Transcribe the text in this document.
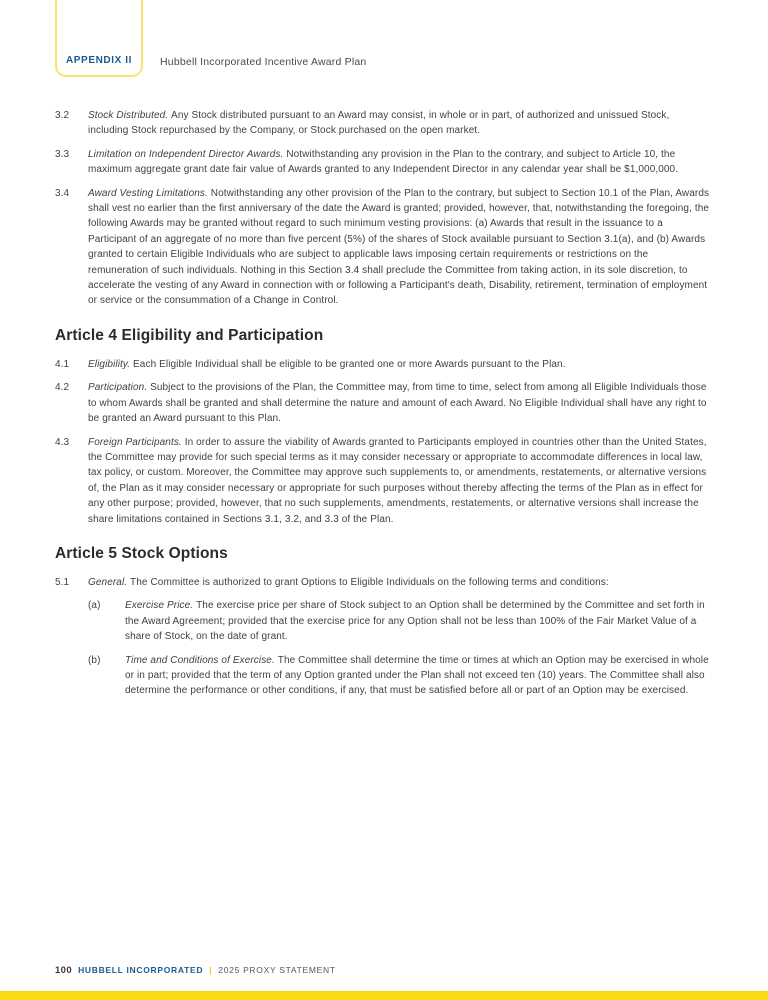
APPENDIX II	Hubbell Incorporated Incentive Award Plan
3.2	Stock Distributed. Any Stock distributed pursuant to an Award may consist, in whole or in part, of authorized and unissued Stock, including Stock repurchased by the Company, or Stock purchased on the open market.

3.3	Limitation on Independent Director Awards. Notwithstanding any provision in the Plan to the contrary, and subject to Article 10, the maximum aggregate grant date fair value of Awards granted to any Independent Director in any calendar year shall be $1,000,000.

3.4	Award Vesting Limitations. Notwithstanding any other provision of the Plan to the contrary, but subject to Section 10.1 of the Plan, Awards shall vest no earlier than the first anniversary of the date the Award is granted; provided, however, that, notwithstanding the foregoing, the following Awards may be granted without regard to such minimum vesting provisions: (a) Awards that result in the issuance to a Participant of an aggregate of no more than five percent (5%) of the shares of Stock available pursuant to Section 3.1(a), and (b) Awards granted to certain Eligible Individuals who are subject to applicable laws imposing certain requirements or restrictions on the remuneration of such individuals. Nothing in this Section 3.4 shall preclude the Committee from taking action, in its sole discretion, to accelerate the vesting of any Award in connection with or following a Participant's death, Disability, retirement, termination of employment or service or the consummation of a Change in Control.

Article 4 Eligibility and Participation
4.1	Eligibility. Each Eligible Individual shall be eligible to be granted one or more Awards pursuant to the Plan.

4.2	Participation. Subject to the provisions of the Plan, the Committee may, from time to time, select from among all Eligible Individuals those to whom Awards shall be granted and shall determine the nature and amount of each Award. No Eligible Individual shall have any right to be granted an Award pursuant to this Plan.

4.3	Foreign Participants. In order to assure the viability of Awards granted to Participants employed in countries other than the United States, the Committee may provide for such special terms as it may consider necessary or appropriate to accommodate differences in local law, tax policy, or custom. Moreover, the Committee may approve such supplements to, or amendments, restatements, or alternative versions of, the Plan as it may consider necessary or appropriate for such purposes without thereby affecting the terms of the Plan as in effect for any other purpose; provided, however, that no such supplements, amendments, restatements, or alternative versions shall increase the share limitations contained in Sections 3.1, 3.2, and 3.3 of the Plan.

Article 5 Stock Options
5.1	General. The Committee is authorized to grant Options to Eligible Individuals on the following terms and conditions:

(a)	Exercise Price. The exercise price per share of Stock subject to an Option shall be determined by the Committee and set forth in the Award Agreement; provided that the exercise price for any Option shall not be less than 100% of the Fair Market Value of a share of Stock, on the date of grant.

(b)	Time and Conditions of Exercise. The Committee shall determine the time or times at which an Option may be exercised in whole or in part; provided that the term of any Option granted under the Plan shall not exceed ten (10) years. The Committee shall also determine the performance or other conditions, if any, that must be satisfied before all or part of an Option may be exercised.

100 HUBBELL INCORPORATED | 2025 PROXY STATEMENT
